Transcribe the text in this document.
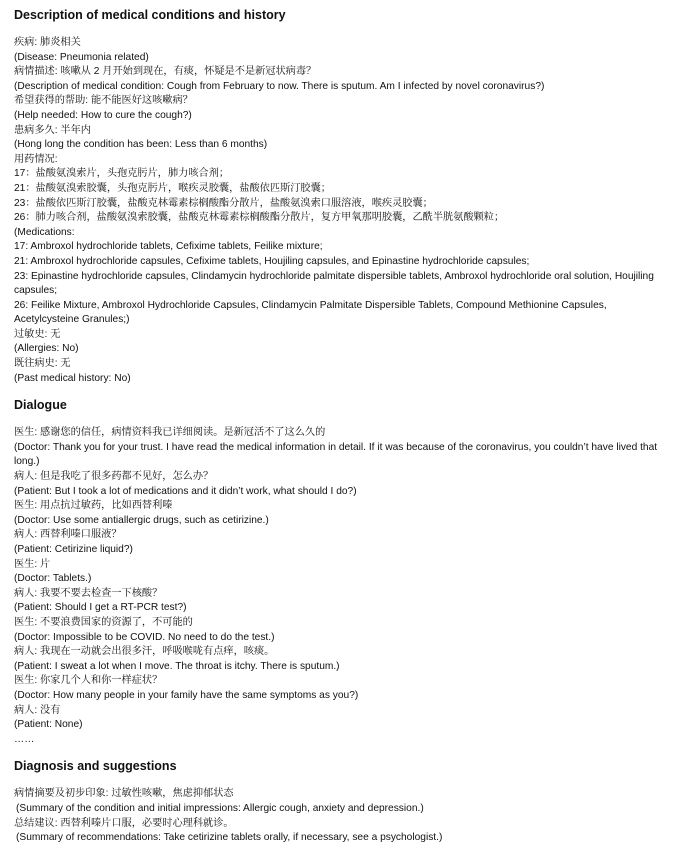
Description of medical conditions and history
疾病: 肺炎相关
(Disease: Pneumonia related)
病情描述: 咳嗽从 2 月开始到现在，有痰，怀疑是不是新冠状病毒？
(Description of medical condition: Cough from February to now. There is sputum. Am I infected by novel coronavirus?)
希望获得的帮助: 能不能医好这咳嗽病？
(Help needed: How to cure the cough?)
患病多久: 半年内
(Hong long the condition has been: Less than 6 months)
用药情况:
17：盐酸氨溴索片，头孢克肟片，肺力咳合剂；
21：盐酸氨溴索胶囊，头孢克肟片，喉疾灵胶囊，盐酸依匹斯汀胶囊；
23：盐酸依匹斯汀胶囊，盐酸克林霉素棕榈酸酯分散片，盐酸氨溴索口服溶液，喉疾灵胶囊；
26：肺力咳合剂，盐酸氨溴索胶囊，盐酸克林霉素棕榈酸酯分散片，复方甲氧那明胶囊，乙酰半胱氨酸颗粒；
(Medications:
17: Ambroxol hydrochloride tablets, Cefixime tablets, Feilike mixture;
21: Ambroxol hydrochloride capsules, Cefixime tablets, Houjiling capsules, and Epinastine hydrochloride capsules;
23: Epinastine hydrochloride capsules, Clindamycin hydrochloride palmitate dispersible tablets, Ambroxol hydrochloride oral solution, Houjiling capsules;
26: Feilike Mixture, Ambroxol Hydrochloride Capsules, Clindamycin Palmitate Dispersible Tablets, Compound Methionine Capsules, Acetylcysteine Granules;)
过敏史: 无
(Allergies: No)
既往病史: 无
(Past medical history: No)
Dialogue
医生: 感谢您的信任，病情资料我已详细阅读。是新冠活不了这么久的
(Doctor: Thank you for your trust. I have read the medical information in detail. If it was because of the coronavirus, you couldn’t have lived that long.)
病人: 但是我吃了很多药都不见好，怎么办？
(Patient: But I took a lot of medications and it didn’t work, what should I do?)
医生: 用点抗过敏药，比如西替利嗪
(Doctor: Use some antiallergic drugs, such as cetirizine.)
病人: 西替利嗪口服液？
(Patient: Cetirizine liquid?)
医生: 片
(Doctor: Tablets.)
病人: 我要不要去检查一下核酸？
(Patient: Should I get a RT-PCR test?)
医生: 不要浪费国家的资源了，不可能的
(Doctor: Impossible to be COVID. No need to do the test.)
病人: 我现在一动就会出很多汗，呼吸喉咙有点痒，咳痰。
(Patient: I sweat a lot when I move. The throat is itchy. There is sputum.)
医生: 你家几个人和你一样症状？
(Doctor: How many people in your family have the same symptoms as you?)
病人: 没有
(Patient: None)
……
Diagnosis and suggestions
病情摘要及初步印象: 过敏性咳嗽，焦虑抑郁状态
(Summary of the condition and initial impressions: Allergic cough, anxiety and depression.)
总结建议: 西替利嗪片口服，必要时心理科就诊。
(Summary of recommendations: Take cetirizine tablets orally, if necessary, see a psychologist.)
